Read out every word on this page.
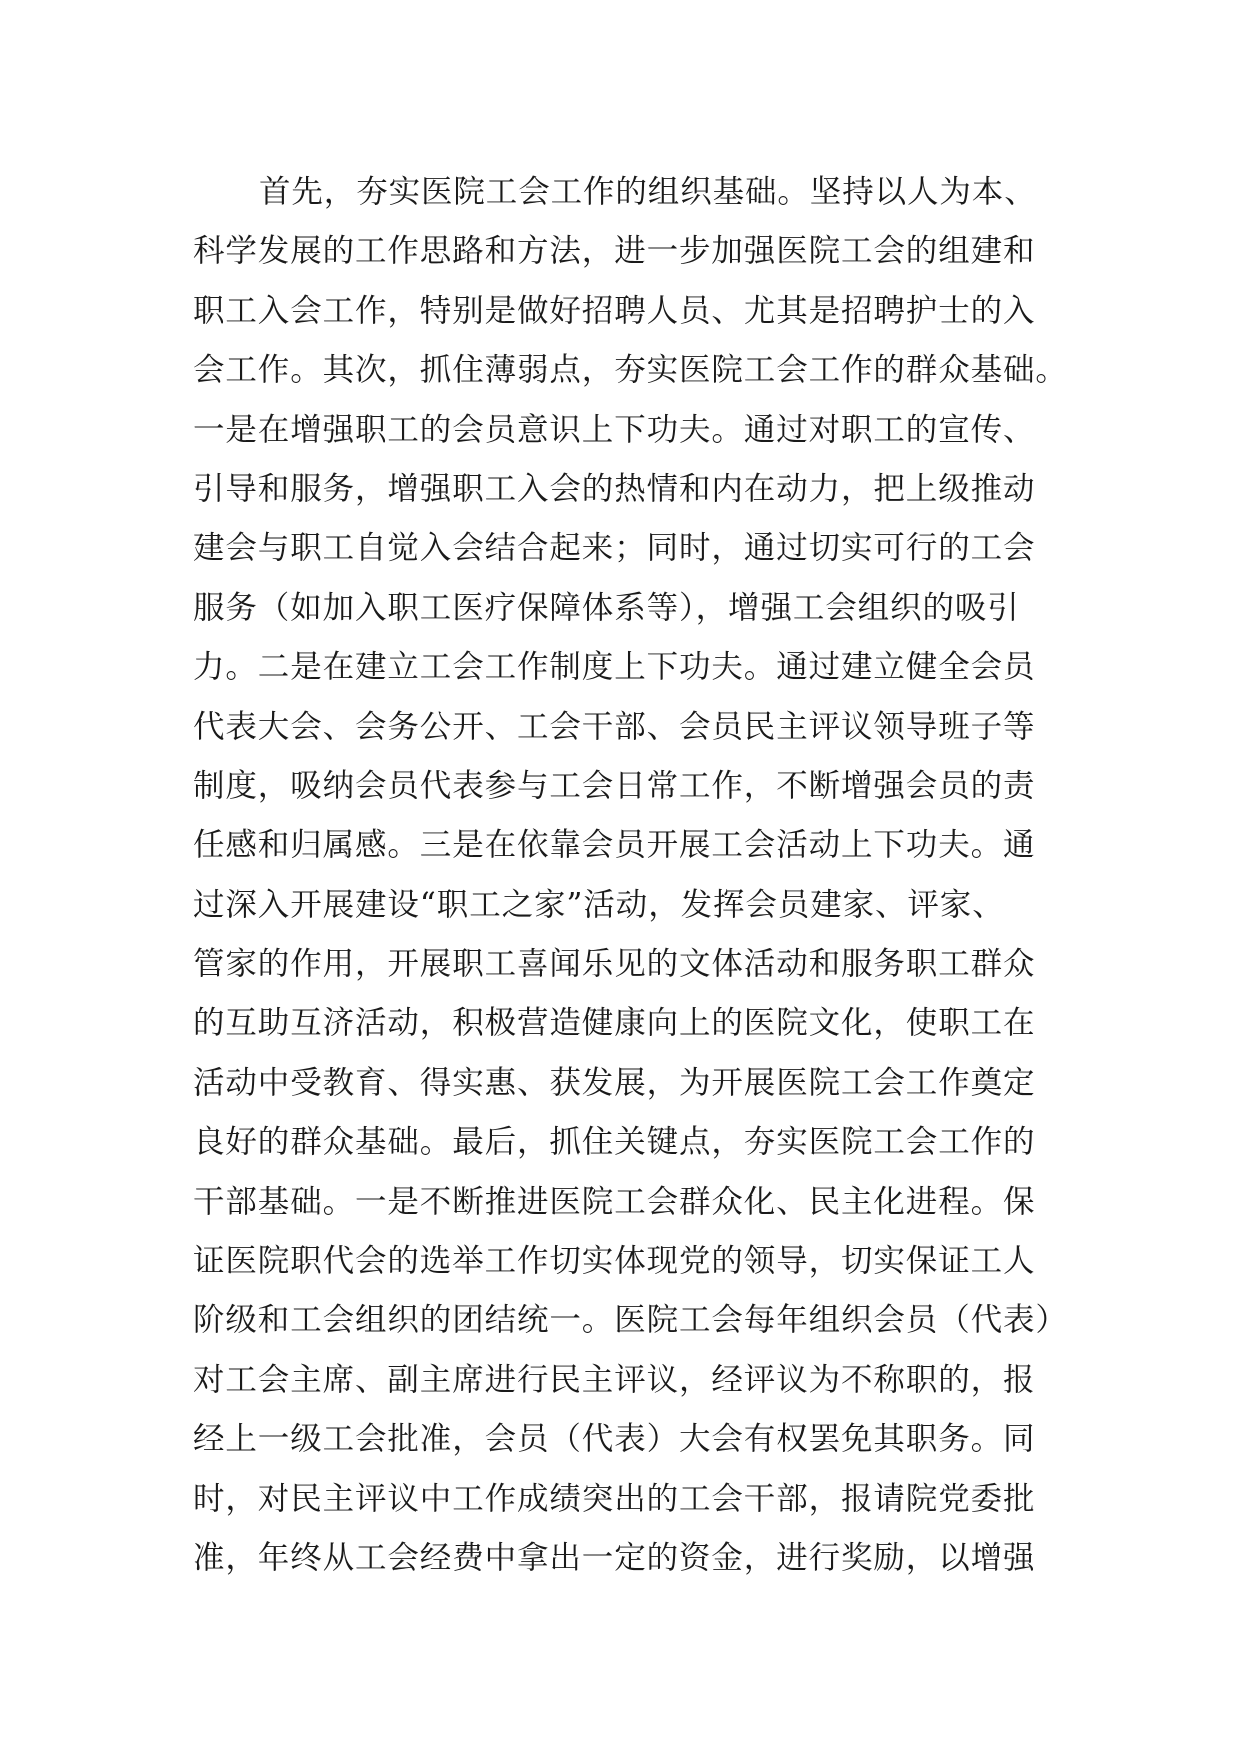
首先，夯实医院工会工作的组织基础。坚持以人为本、
科学发展的工作思路和方法，进一步加强医院工会的组建和
职工入会工作，特别是做好招聘人员、尤其是招聘护士的入
会工作。其次，抓住薄弱点，夯实医院工会工作的群众基础。
一是在增强职工的会员意识上下功夫。通过对职工的宣传、
引导和服务，增强职工入会的热情和内在动力，把上级推动
建会与职工自觉入会结合起来；同时，通过切实可行的工会
服务（如加入职工医疗保障体系等），增强工会组织的吸引
力。二是在建立工会工作制度上下功夫。通过建立健全会员
代表大会、会务公开、工会干部、会员民主评议领导班子等
制度，吸纳会员代表参与工会日常工作，不断增强会员的责
任感和归属感。三是在依靠会员开展工会活动上下功夫。通
过深入开展建设“职工之家”活动，发挥会员建家、评家、
管家的作用，开展职工喜闻乐见的文体活动和服务职工群众
的互助互济活动，积极营造健康向上的医院文化，使职工在
活动中受教育、得实惠、获发展，为开展医院工会工作奠定
良好的群众基础。最后，抓住关键点，夯实医院工会工作的
干部基础。一是不断推进医院工会群众化、民主化进程。保
证医院职代会的选举工作切实体现党的领导，切实保证工人
阶级和工会组织的团结统一。医院工会每年组织会员（代表）
对工会主席、副主席进行民主评议，经评议为不称职的，报
经上一级工会批准，会员（代表）大会有权罢免其职务。同
时，对民主评议中工作成绩突出的工会干部，报请院党委批
准，年终从工会经费中拿出一定的资金，进行奖励，以增强
